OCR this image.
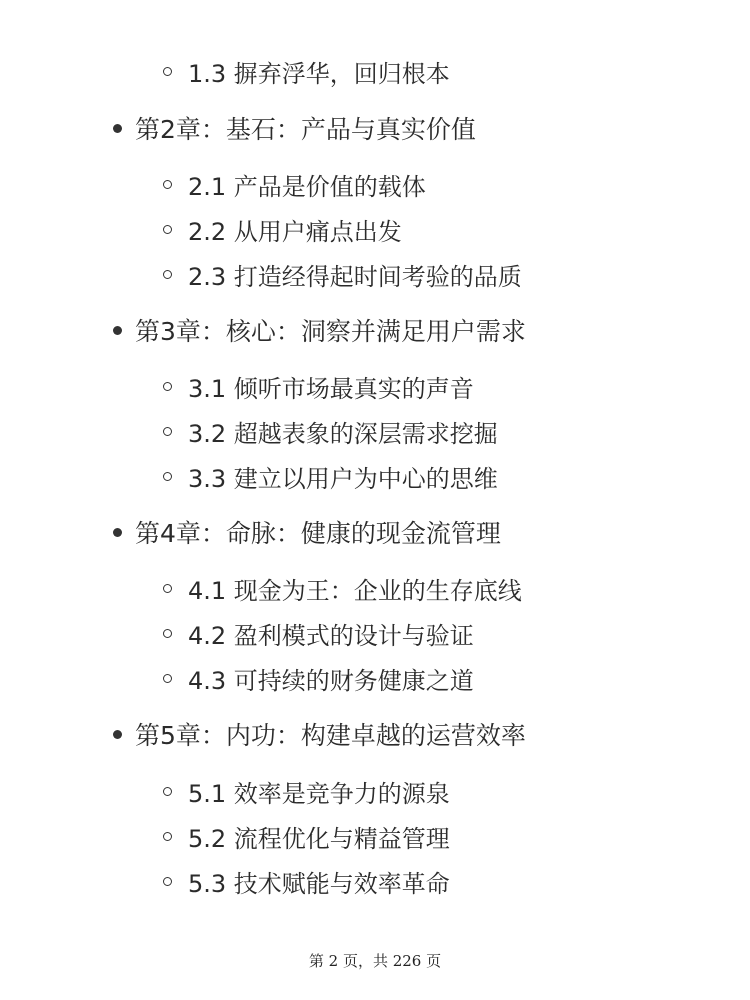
1.3 摒弃浮华，回归根本
第2章：基石：产品与真实价值
2.1 产品是价值的载体
2.2 从用户痛点出发
2.3 打造经得起时间考验的品质
第3章：核心：洞察并满足用户需求
3.1 倾听市场最真实的声音
3.2 超越表象的深层需求挖掘
3.3 建立以用户为中心的思维
第4章：命脉：健康的现金流管理
4.1 现金为王：企业的生存底线
4.2 盈利模式的设计与验证
4.3 可持续的财务健康之道
第5章：内功：构建卓越的运营效率
5.1 效率是竞争力的源泉
5.2 流程优化与精益管理
5.3 技术赋能与效率革命
第 2 页，共 226 页
